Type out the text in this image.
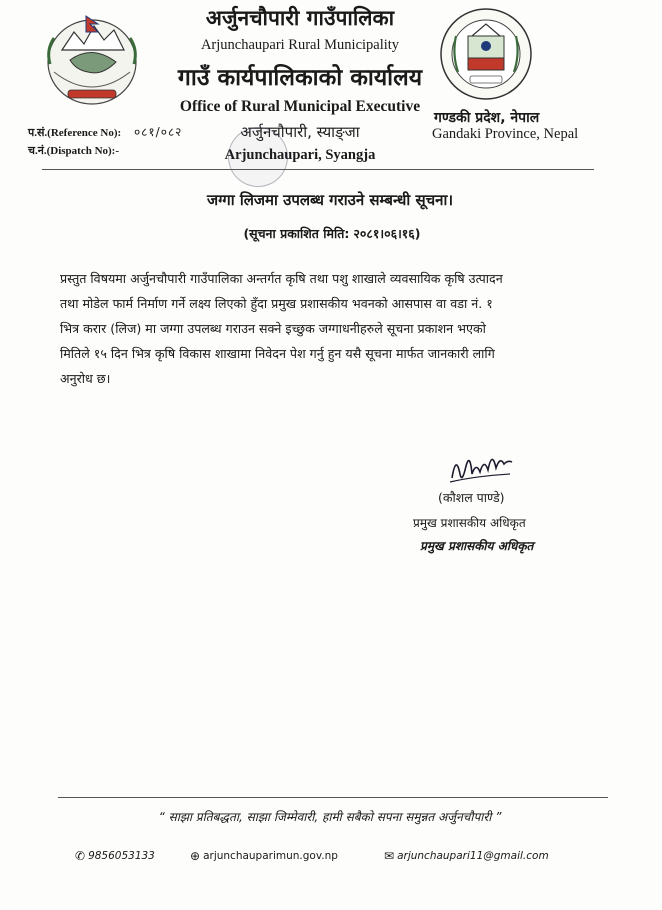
अर्जुनचौपारी गाउँपालिका
Arjunchaupari Rural Municipality
गाउँ कार्यपालिकाको कार्यालय
Office of Rural Municipal Executive
अर्जुनचौपारी, स्याङ्जा
Arjunchaupari, Syangja
गण्डकी प्रदेश, नेपाल
Gandaki Province, Nepal
प.सं.(Reference No): ०८१/०८२
च.नं.(Dispatch No):-
जग्गा लिजमा उपलब्ध गराउने सम्बन्धी सूचना।
(सूचना प्रकाशित मिति: २०८१।०६।१६)
प्रस्तुत विषयमा अर्जुनचौपारी गाउँपालिका अन्तर्गत कृषि तथा पशु शाखाले व्यवसायिक कृषि उत्पादन
तथा मोडेल फार्म निर्माण गर्ने लक्ष्य लिएको हुँदा प्रमुख प्रशासकीय भवनको आसपास वा वडा नं. १
भित्र करार (लिज) मा जग्गा उपलब्ध गराउन सक्ने इच्छुक जग्गाधनीहरुले सूचना प्रकाशन भएको
मितिले १५ दिन भित्र कृषि विकास शाखामा निवेदन पेश गर्नु हुन यसै सूचना मार्फत जानकारी लागि
अनुरोध छ।
(कौशल पाण्डे)
प्रमुख प्रशासकीय अधिकृत
प्रमुख प्रशासकीय अधिकृत
“ साझा प्रतिबद्धता, साझा जिम्मेवारी, हामी सबैको सपना समुन्नत अर्जुनचौपारी ”
✆ 9856053133	⊕ arjunchauparimun.gov.np	✉ arjunchaupari11@gmail.com
